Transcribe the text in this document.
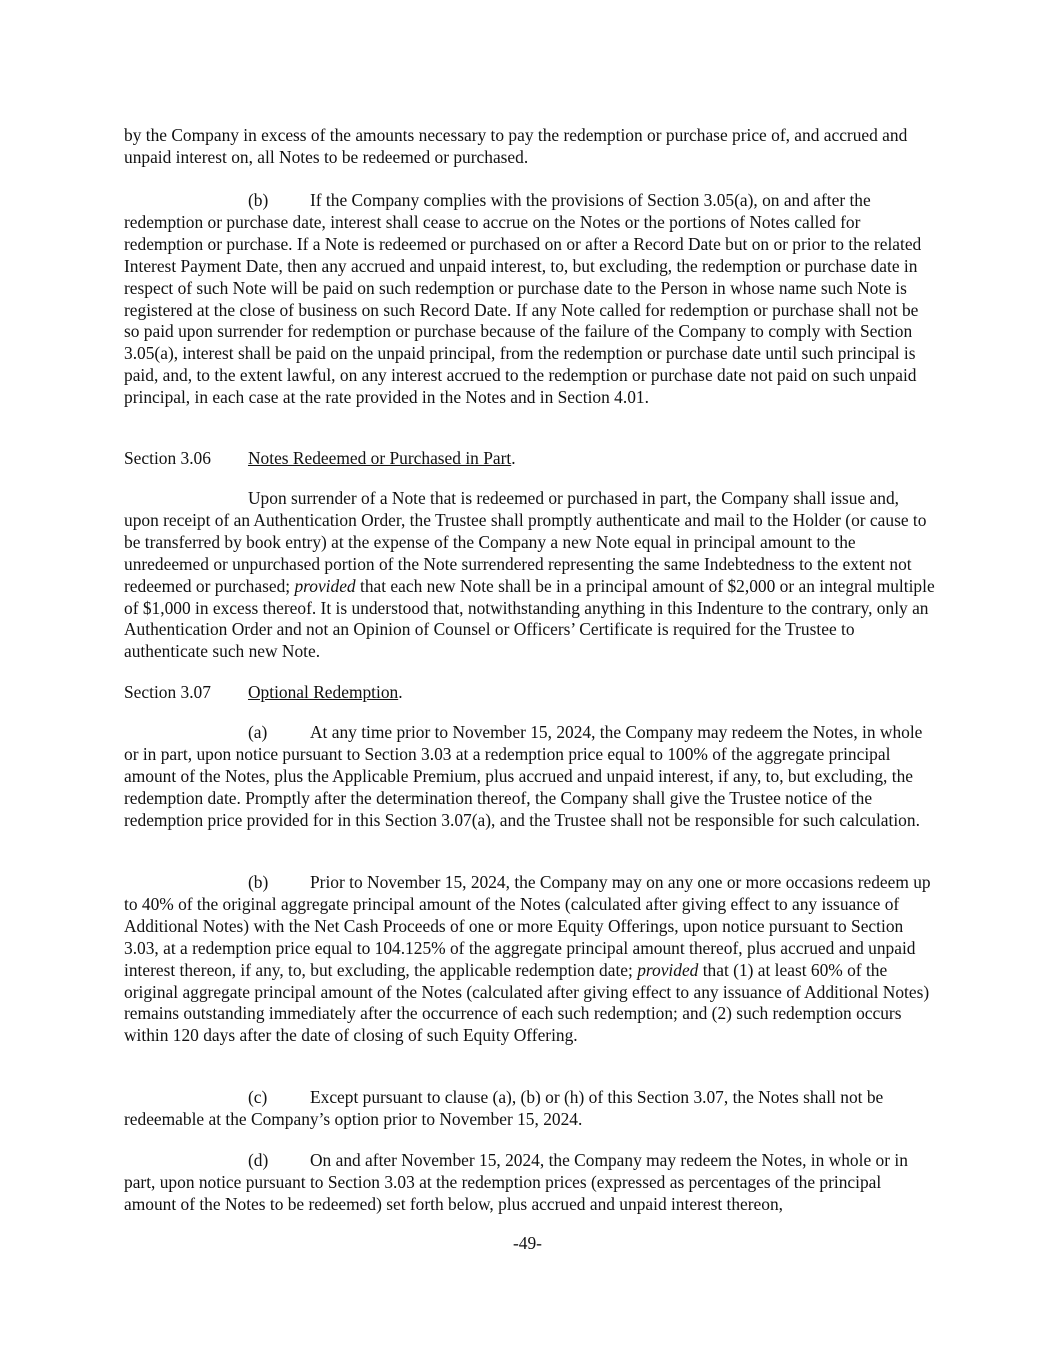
by the Company in excess of the amounts necessary to pay the redemption or purchase price of, and accrued and unpaid interest on, all Notes to be redeemed or purchased.

(b) If the Company complies with the provisions of Section 3.05(a), on and after the redemption or purchase date, interest shall cease to accrue on the Notes or the portions of Notes called for redemption or purchase. If a Note is redeemed or purchased on or after a Record Date but on or prior to the related Interest Payment Date, then any accrued and unpaid interest, to, but excluding, the redemption or purchase date in respect of such Note will be paid on such redemption or purchase date to the Person in whose name such Note is registered at the close of business on such Record Date. If any Note called for redemption or purchase shall not be so paid upon surrender for redemption or purchase because of the failure of the Company to comply with Section 3.05(a), interest shall be paid on the unpaid principal, from the redemption or purchase date until such principal is paid, and, to the extent lawful, on any interest accrued to the redemption or purchase date not paid on such unpaid principal, in each case at the rate provided in the Notes and in Section 4.01.

Section 3.06 Notes Redeemed or Purchased in Part.

Upon surrender of a Note that is redeemed or purchased in part, the Company shall issue and, upon receipt of an Authentication Order, the Trustee shall promptly authenticate and mail to the Holder (or cause to be transferred by book entry) at the expense of the Company a new Note equal in principal amount to the unredeemed or unpurchased portion of the Note surrendered representing the same Indebtedness to the extent not redeemed or purchased; provided that each new Note shall be in a principal amount of $2,000 or an integral multiple of $1,000 in excess thereof. It is understood that, notwithstanding anything in this Indenture to the contrary, only an Authentication Order and not an Opinion of Counsel or Officers’ Certificate is required for the Trustee to authenticate such new Note.

Section 3.07 Optional Redemption.

(a) At any time prior to November 15, 2024, the Company may redeem the Notes, in whole or in part, upon notice pursuant to Section 3.03 at a redemption price equal to 100% of the aggregate principal amount of the Notes, plus the Applicable Premium, plus accrued and unpaid interest, if any, to, but excluding, the redemption date. Promptly after the determination thereof, the Company shall give the Trustee notice of the redemption price provided for in this Section 3.07(a), and the Trustee shall not be responsible for such calculation.

(b) Prior to November 15, 2024, the Company may on any one or more occasions redeem up to 40% of the original aggregate principal amount of the Notes (calculated after giving effect to any issuance of Additional Notes) with the Net Cash Proceeds of one or more Equity Offerings, upon notice pursuant to Section 3.03, at a redemption price equal to 104.125% of the aggregate principal amount thereof, plus accrued and unpaid interest thereon, if any, to, but excluding, the applicable redemption date; provided that (1) at least 60% of the original aggregate principal amount of the Notes (calculated after giving effect to any issuance of Additional Notes) remains outstanding immediately after the occurrence of each such redemption; and (2) such redemption occurs within 120 days after the date of closing of such Equity Offering.

(c) Except pursuant to clause (a), (b) or (h) of this Section 3.07, the Notes shall not be redeemable at the Company’s option prior to November 15, 2024.

(d) On and after November 15, 2024, the Company may redeem the Notes, in whole or in part, upon notice pursuant to Section 3.03 at the redemption prices (expressed as percentages of the principal amount of the Notes to be redeemed) set forth below, plus accrued and unpaid interest thereon,

-49-
